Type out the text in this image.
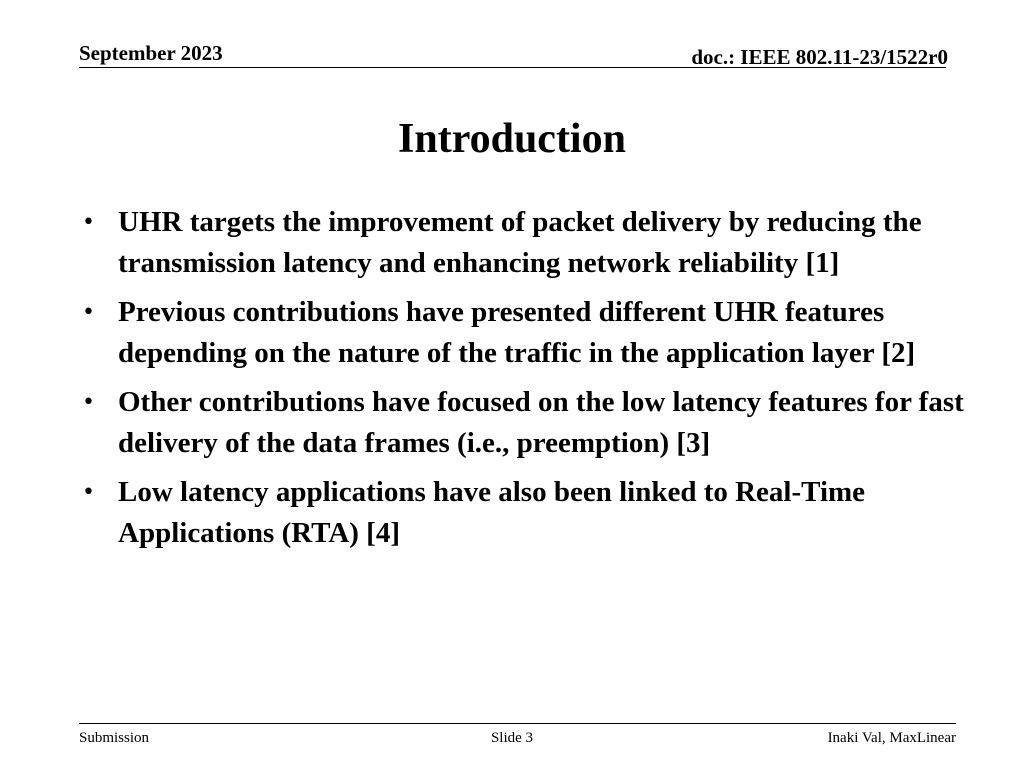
September 2023	doc.: IEEE 802.11-23/1522r0
Introduction
• UHR targets the improvement of packet delivery by reducing the transmission latency and enhancing network reliability [1]
• Previous contributions have presented different UHR features depending on the nature of the traffic in the application layer [2]
• Other contributions have focused on the low latency features for fast delivery of the data frames (i.e., preemption) [3]
• Low latency applications have also been linked to Real-Time Applications (RTA) [4]
Submission	Slide 3	Inaki Val, MaxLinear
